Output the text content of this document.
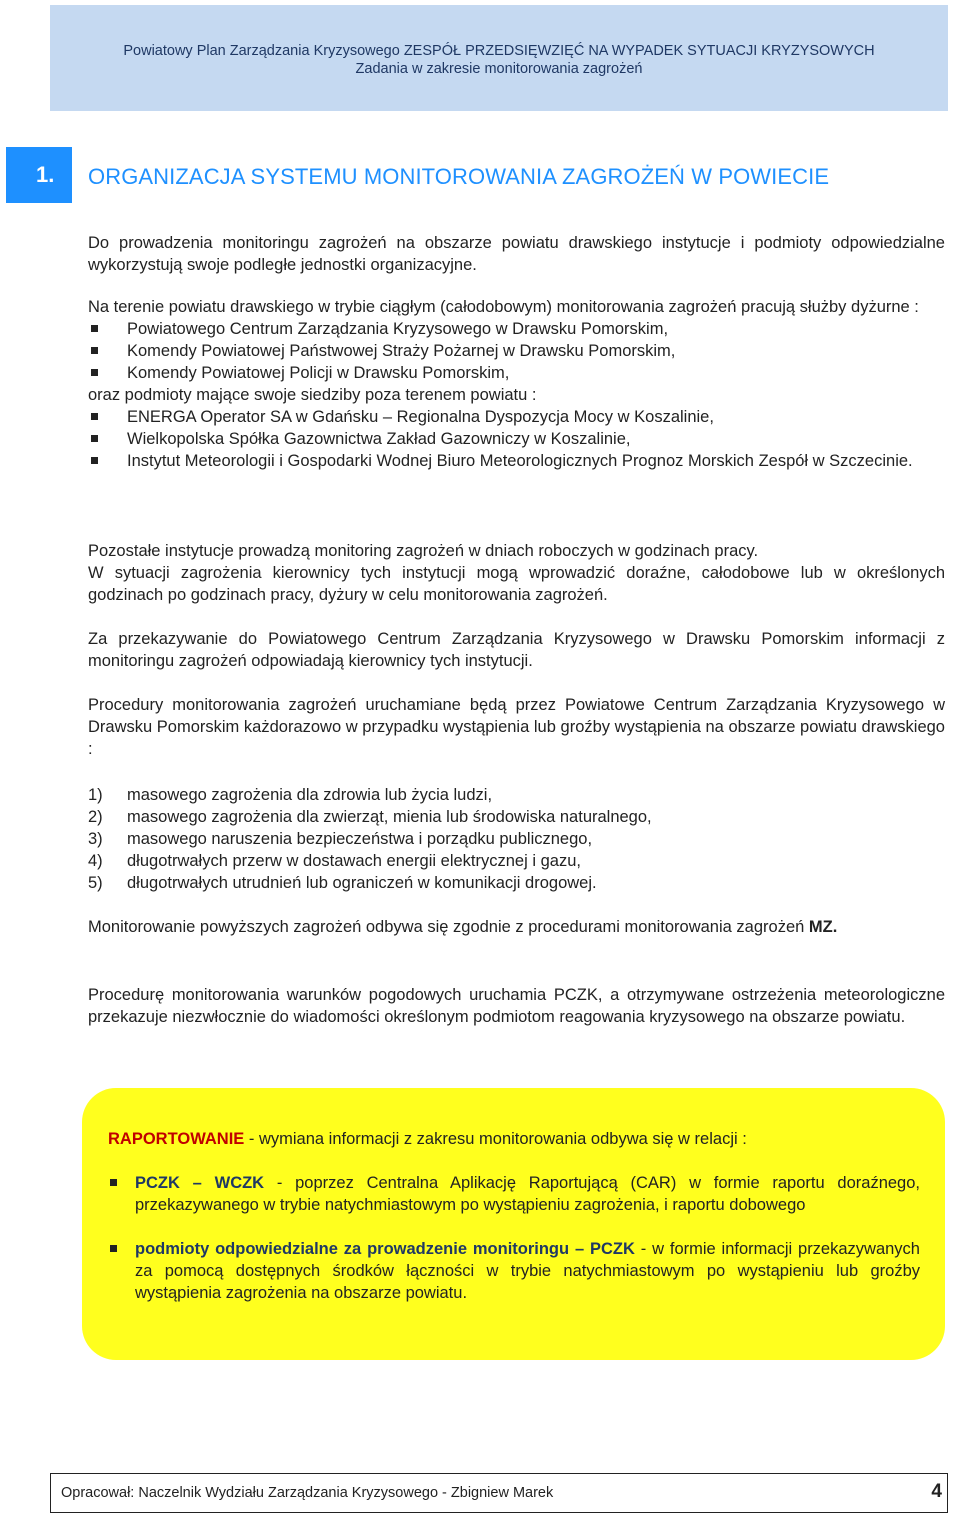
Powiatowy Plan Zarządzania Kryzysowego ZESPÓŁ PRZEDSIĘWZIĘĆ NA WYPADEK SYTUACJI KRYZYSOWYCH
Zadania w zakresie monitorowania zagrożeń
1.	ORGANIZACJA SYSTEMU MONITOROWANIA ZAGROŻEŃ W POWIECIE

Do prowadzenia monitoringu zagrożeń na obszarze powiatu drawskiego instytucje i podmioty odpowiedzialne wykorzystują swoje podległe jednostki organizacyjne.

Na terenie powiatu drawskiego w trybie ciągłym (całodobowym) monitorowania zagrożeń pracują służby dyżurne :

Powiatowego Centrum Zarządzania Kryzysowego w Drawsku Pomorskim,
Komendy Powiatowej Państwowej Straży Pożarnej w Drawsku Pomorskim,
Komendy Powiatowej Policji w Drawsku Pomorskim,

oraz podmioty mające swoje siedziby poza terenem powiatu :

ENERGA Operator SA w Gdańsku – Regionalna Dyspozycja Mocy w Koszalinie,
Wielkopolska Spółka Gazownictwa Zakład Gazowniczy w Koszalinie,
Instytut Meteorologii i Gospodarki Wodnej Biuro Meteorologicznych Prognoz Morskich Zespół w Szczecinie.

Pozostałe instytucje prowadzą monitoring zagrożeń w dniach roboczych w godzinach pracy.

W sytuacji zagrożenia kierownicy tych instytucji mogą wprowadzić doraźne, całodobowe lub w określonych godzinach po godzinach pracy, dyżury w celu monitorowania zagrożeń.

Za przekazywanie do Powiatowego Centrum Zarządzania Kryzysowego w Drawsku Pomorskim informacji z monitoringu zagrożeń odpowiadają kierownicy tych instytucji.

Procedury monitorowania zagrożeń uruchamiane będą przez Powiatowe Centrum Zarządzania Kryzysowego w Drawsku Pomorskim każdorazowo w przypadku wystąpienia lub groźby wystąpienia na obszarze powiatu drawskiego :

1) masowego zagrożenia dla zdrowia lub życia ludzi,
2) masowego zagrożenia dla zwierząt, mienia lub środowiska naturalnego,
3) masowego naruszenia bezpieczeństwa i porządku publicznego,
4) długotrwałych przerw w dostawach energii elektrycznej i gazu,
5) długotrwałych utrudnień lub ograniczeń w komunikacji drogowej.

Monitorowanie powyższych zagrożeń odbywa się zgodnie z procedurami monitorowania zagrożeń MZ.

Procedurę monitorowania warunków pogodowych uruchamia PCZK, a otrzymywane ostrzeżenia meteorologiczne przekazuje niezwłocznie do wiadomości określonym podmiotom reagowania kryzysowego na obszarze powiatu.

RAPORTOWANIE - wymiana informacji z zakresu monitorowania odbywa się w relacji :

PCZK – WCZK - poprzez Centralna Aplikację Raportującą (CAR) w formie raportu doraźnego, przekazywanego w trybie natychmiastowym po wystąpieniu zagrożenia, i raportu dobowego
podmioty odpowiedzialne za prowadzenie monitoringu – PCZK - w formie informacji przekazywanych za pomocą dostępnych środków łączności w trybie natychmiastowym po wystąpieniu lub groźby wystąpienia zagrożenia na obszarze powiatu.
Opracował: Naczelnik Wydziału Zarządzania Kryzysowego - Zbigniew Marek	4
